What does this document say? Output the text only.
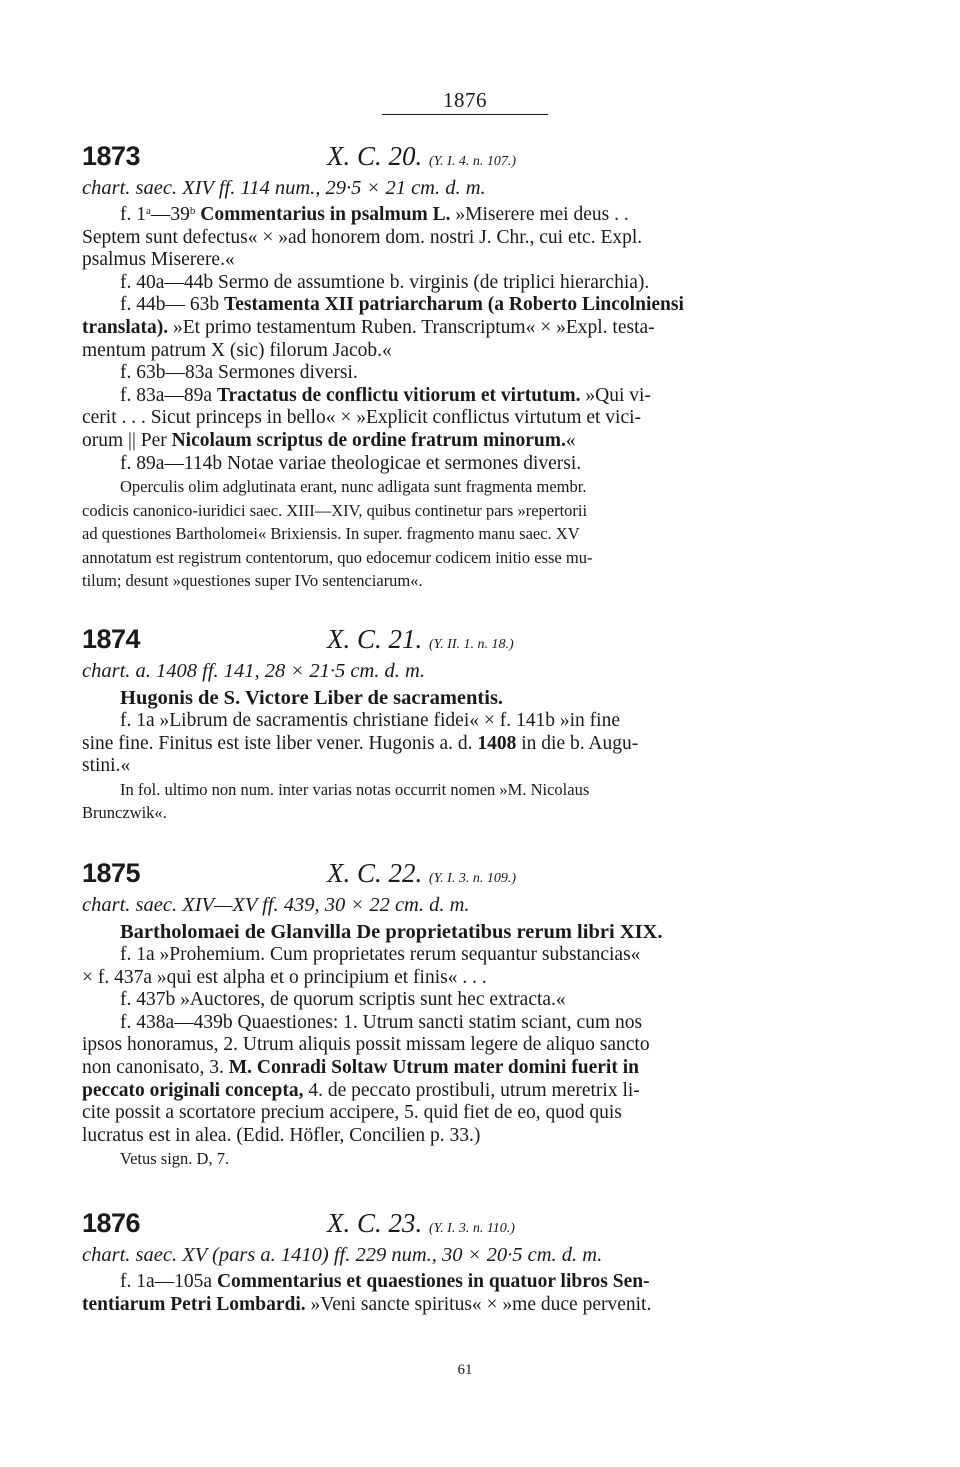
1876
1873	X. C. 20. (Y. I. 4. n. 107.)
chart. saec. XIV ff. 114 num., 29·5 × 21 cm. d. m.
f. 1$^a$—39$^b$ Commentarius in psalmum L. »Miserere mei deus . .
Septem sunt defectus« × »ad honorem dom. nostri J. Chr., cui etc. Expl.
psalmus Miserere.«
f. 40a—44b Sermo de assumtione b. virginis (de triplici hierarchia).
f. 44b— 63b Testamenta XII patriarcharum (a Roberto Lincolniensi
translata). »Et primo testamentum Ruben. Transcriptum« × »Expl. testa-
mentum patrum X (sic) filorum Jacob.«
f. 63b—83a Sermones diversi.
f. 83a—89a Tractatus de conflictu vitiorum et virtutum. »Qui vi-
cerit . . . Sicut princeps in bello« × »Explicit conflictus virtutum et vici-
orum || Per Nicolaum scriptus de ordine fratrum minorum.«
f. 89a—114b Notae variae theologicae et sermones diversi.
Operculis olim adglutinata erant, nunc adligata sunt fragmenta membr.
codicis canonico-iuridici saec. XIII—XIV, quibus continetur pars »repertorii
ad questiones Bartholomei« Brixiensis. In super. fragmento manu saec. XV
annotatum est registrum contentorum, quo edocemur codicem initio esse mu-
tilum; desunt »questiones super IVo sentenciarum«.
1874	X. C. 21. (Y. II. 1. n. 18.)
chart. a. 1408 ff. 141, 28 × 21·5 cm. d. m.
Hugonis de S. Victore Liber de sacramentis.
f. 1a »Librum de sacramentis christiane fidei« × f. 141b »in fine
sine fine. Finitus est iste liber vener. Hugonis a. d. 1408 in die b. Augu-
stini.«
In fol. ultimo non num. inter varias notas occurrit nomen »M. Nicolaus
Brunczwik«.
1875	X. C. 22. (Y. I. 3. n. 109.)
chart. saec. XIV—XV ff. 439, 30 × 22 cm. d. m.
Bartholomaei de Glanvilla De proprietatibus rerum libri XIX.
f. 1a »Prohemium. Cum proprietates rerum sequantur substancias«
× f. 437a »qui est alpha et o principium et finis« . . .
f. 437b »Auctores, de quorum scriptis sunt hec extracta.«
f. 438a—439b Quaestiones: 1. Utrum sancti statim sciant, cum nos
ipsos honoramus, 2. Utrum aliquis possit missam legere de aliquo sancto
non canonisato, 3. M. Conradi Soltaw Utrum mater domini fuerit in
peccato originali concepta, 4. de peccato prostibuli, utrum meretrix li-
cite possit a scortatore precium accipere, 5. quid fiet de eo, quod quis
lucratus est in alea. (Edid. Höfler, Concilien p. 33.)
Vetus sign. D, 7.
1876	X. C. 23. (Y. I. 3. n. 110.)
chart. saec. XV (pars a. 1410) ff. 229 num., 30 × 20·5 cm. d. m.
f. 1a—105a Commentarius et quaestiones in quatuor libros Sen-
tentiarum Petri Lombardi. »Veni sancte spiritus« × »me duce pervenit.
61
